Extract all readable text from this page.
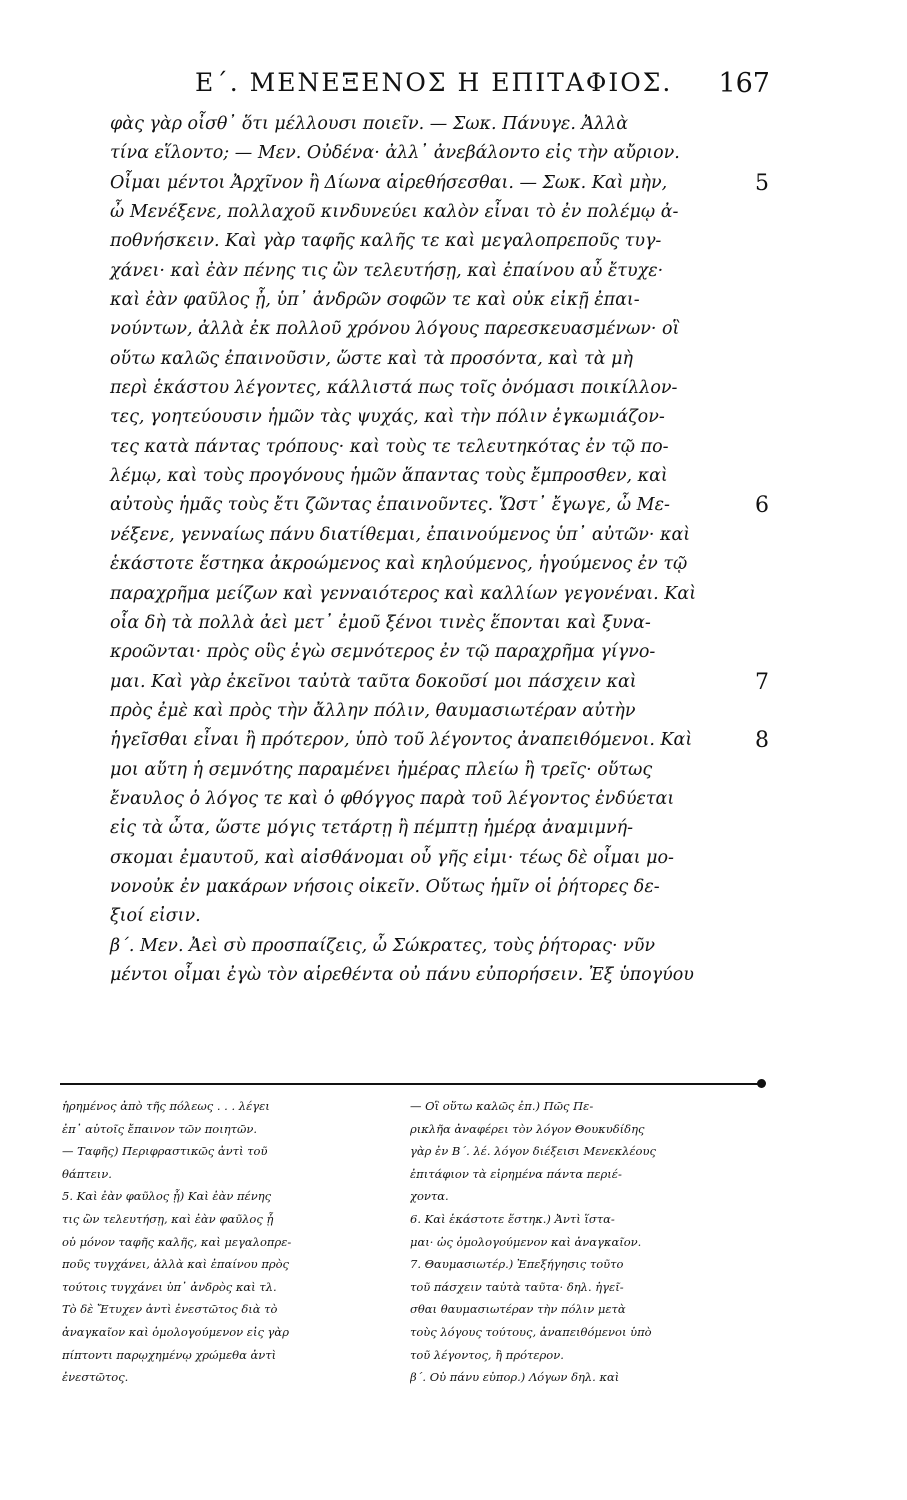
Ε΄. ΜΕΝΕΞΕΝΟΣ Η ΕΠΙΤΑΦΙΟΣ. 167
φὰς γὰρ οἶσθ᾽ ὅτι μέλλουσι ποιεῖν. — Σωκ. Πάνυγε. Ἀλλὰ
τίνα εἵλοντο; — Μεν. Οὐδένα· ἀλλ᾽ ἀνεβάλοντο εἰς τὴν αὔριον.
Οἶμαι μέντοι Ἀρχῖνον ἢ Δίωνα αἱρεθήσεσθαι. — Σωκ. Καὶ μὴν,	5
ὦ Μενέξενε, πολλαχοῦ κινδυνεύει καλὸν εἶναι τὸ ἐν πολέμῳ ἀ-
ποθνήσκειν. Καὶ γὰρ ταφῆς καλῆς τε καὶ μεγαλοπρεποῦς τυγ-
χάνει· καὶ ἐὰν πένης τις ὢν τελευτήσῃ, καὶ ἐπαίνου αὖ ἔτυχε·
καὶ ἐὰν φαῦλος ᾖ, ὑπ᾽ ἀνδρῶν σοφῶν τε καὶ οὐκ εἰκῇ ἐπαι-
νούντων, ἀλλὰ ἐκ πολλοῦ χρόνου λόγους παρεσκευασμένων· οἳ
οὕτω καλῶς ἐπαινοῦσιν, ὥστε καὶ τὰ προσόντα, καὶ τὰ μὴ
περὶ ἑκάστου λέγοντες, κάλλιστά πως τοῖς ὀνόμασι ποικίλλον-
τες, γοητεύουσιν ἡμῶν τὰς ψυχάς, καὶ τὴν πόλιν ἐγκωμιάζον-
τες κατὰ πάντας τρόπους· καὶ τοὺς τε τελευτηκότας ἐν τῷ πο-
λέμῳ, καὶ τοὺς προγόνους ἡμῶν ἅπαντας τοὺς ἔμπροσθεν, καὶ
αὐτοὺς ἡμᾶς τοὺς ἔτι ζῶντας ἐπαινοῦντες. Ὥστ᾽ ἔγωγε, ὦ Με-	6
νέξενε, γενναίως πάνυ διατίθεμαι, ἐπαινούμενος ὑπ᾽ αὐτῶν· καὶ
ἑκάστοτε ἕστηκα ἀκροώμενος καὶ κηλούμενος, ἡγούμενος ἐν τῷ
παραχρῆμα μείζων καὶ γενναιότερος καὶ καλλίων γεγονέναι. Καὶ
οἷα δὴ τὰ πολλὰ ἀεὶ μετ᾽ ἐμοῦ ξένοι τινὲς ἕπονται καὶ ξυνα-
κροῶνται· πρὸς οὓς ἐγὼ σεμνότερος ἐν τῷ παραχρῆμα γίγνο-
μαι. Καὶ γὰρ ἐκεῖνοι ταὐτὰ ταῦτα δοκοῦσί μοι πάσχειν καὶ	7
πρὸς ἐμὲ καὶ πρὸς τὴν ἄλλην πόλιν, θαυμασιωτέραν αὐτὴν
ἡγεῖσθαι εἶναι ἢ πρότερον, ὑπὸ τοῦ λέγοντος ἀναπειθόμενοι. Καὶ	8
μοι αὕτη ἡ σεμνότης παραμένει ἡμέρας πλείω ἢ τρεῖς· οὕτως
ἔναυλος ὁ λόγος τε καὶ ὁ φθόγγος παρὰ τοῦ λέγοντος ἐνδύεται
εἰς τὰ ὦτα, ὥστε μόγις τετάρτῃ ἢ πέμπτῃ ἡμέρᾳ ἀναμιμνή-
σκομαι ἐμαυτοῦ, καὶ αἰσθάνομαι οὗ γῆς εἰμι· τέως δὲ οἶμαι μο-
νονοὐκ ἐν μακάρων νήσοις οἰκεῖν. Οὕτως ἡμῖν οἱ ῥήτορες δε-
ξιοί εἰσιν.
β΄. Μεν. Ἀεὶ σὺ προσπαίζεις, ὦ Σώκρατες, τοὺς ῥήτορας· νῦν
μέντοι οἶμαι ἐγὼ τὸν αἱρεθέντα οὐ πάνυ εὐπορήσειν. Ἐξ ὑπογύου
ἡρημένος ἀπὸ τῆς πόλεως . . . λέγει
ἐπ᾽ αὐτοῖς ἔπαινον τῶν ποιητῶν.
— Ταφῆς) Περιφραστικῶς ἀντὶ τοῦ
θάπτειν.
5. Καὶ ἐὰν φαῦλος ᾖ) Καὶ ἐὰν πένης
τις ὢν τελευτήσῃ, καὶ ἐὰν φαῦλος ᾖ
οὐ μόνον ταφῆς καλῆς, καὶ μεγαλοπρε-
ποῦς τυγχάνει, ἀλλὰ καὶ ἐπαίνου πρὸς
τούτοις τυγχάνει ὑπ᾽ ἀνδρὸς καὶ τλ.
Τὸ δὲ Ἔτυχεν ἀντὶ ἐνεστῶτος διὰ τὸ
ἀναγκαῖον καὶ ὁμολογούμενον εἰς γὰρ
πίπτοντι παρῳχημένῳ χρώμεθα ἀντὶ
ἐνεστῶτος.
— Οἳ οὕτω καλῶς ἐπ.) Πῶς Πε-
ρικλῆα ἀναφέρει τὸν λόγον Θουκυδίδης
γὰρ ἐν Β΄. λέ. λόγον διέξεισι Μενεκλέους
ἐπιτάφιον τὰ εἰρημένα πάντα περιέ-
χοντα.
6. Καὶ ἑκάστοτε ἕστηκ.) Ἀντὶ ἵστα-
μαι· ὡς ὁμολογούμενον καὶ ἀναγκαῖον.
7. Θαυμασιωτέρ.) Ἐπεξήγησις τοῦτο
τοῦ πάσχειν ταὐτὰ ταῦτα· δηλ. ἡγεῖ-
σθαι θαυμασιωτέραν τὴν πόλιν μετὰ
τοὺς λόγους τούτους, ἀναπειθόμενοι ὑπὸ
τοῦ λέγοντος, ἢ πρότερον.
β΄. Οὐ πάνυ εὐπορ.) Λόγων δηλ. καὶ
